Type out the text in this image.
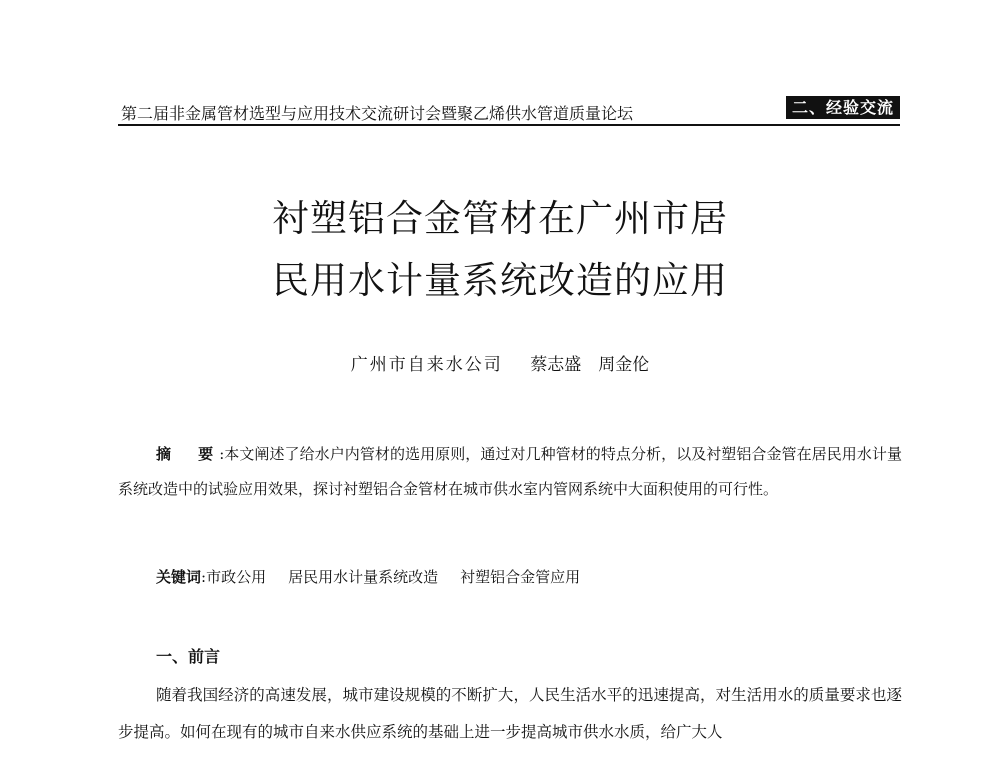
第二届非金属管材选型与应用技术交流研讨会暨聚乙烯供水管道质量论坛	二、经验交流
衬塑铝合金管材在广州市居
民用水计量系统改造的应用
广州市自来水公司 蔡志盛　周金伦
摘　要:本文阐述了给水户内管材的选用原则，通过对几种管材的特点分析，以及衬塑铝合金管在居民用水计量系统改造中的试验应用效果，探讨衬塑铝合金管材在城市供水室内管网系统中大面积使用的可行性。
关键词:市政公用 居民用水计量系统改造 衬塑铝合金管应用
一、前言
随着我国经济的高速发展，城市建设规模的不断扩大，人民生活水平的迅速提高，对生活用水的质量要求也逐步提高。如何在现有的城市自来水供应系统的基础上进一步提高城市供水水质，给广大人
